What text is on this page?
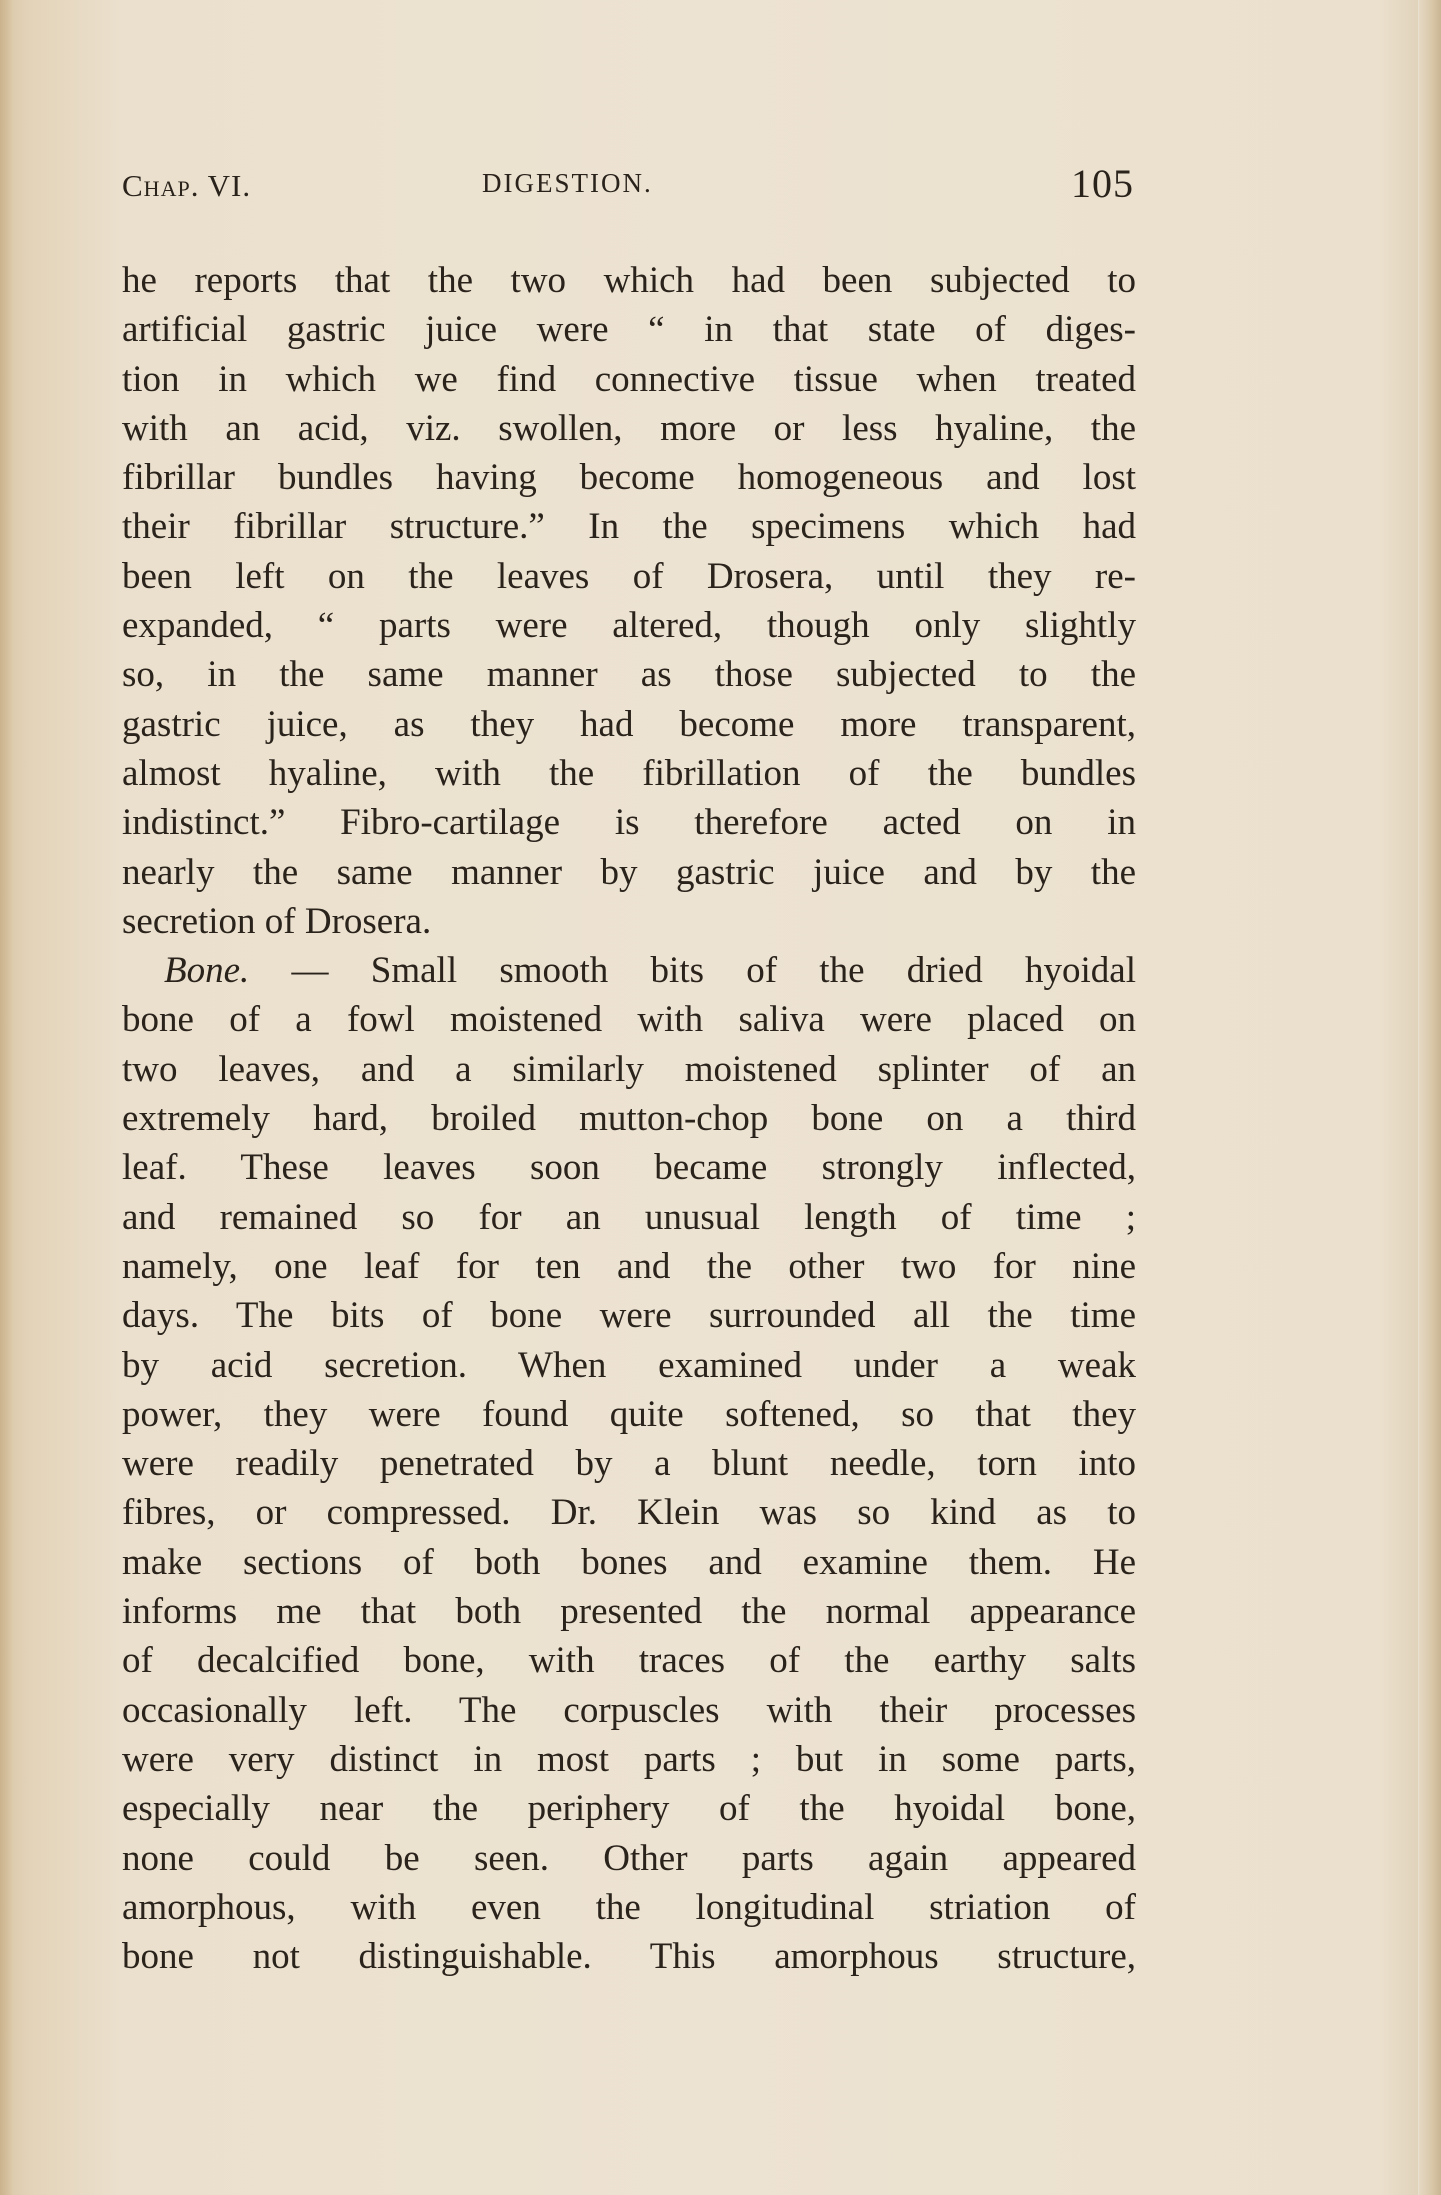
Chap. VI.	DIGESTION.	105
he reports that the two which had been subjected to
artificial gastric juice were “ in that state of diges-
tion in which we find connective tissue when treated
with an acid, viz. swollen, more or less hyaline, the
fibrillar bundles having become homogeneous and lost
their fibrillar structure.” In the specimens which had
been left on the leaves of Drosera, until they re-
expanded, “ parts were altered, though only slightly
so, in the same manner as those subjected to the
gastric juice, as they had become more transparent,
almost hyaline, with the fibrillation of the bundles
indistinct.” Fibro-cartilage is therefore acted on in
nearly the same manner by gastric juice and by the
secretion of Drosera.
Bone. — Small smooth bits of the dried hyoidal
bone of a fowl moistened with saliva were placed on
two leaves, and a similarly moistened splinter of an
extremely hard, broiled mutton-chop bone on a third
leaf. These leaves soon became strongly inflected,
and remained so for an unusual length of time ;
namely, one leaf for ten and the other two for nine
days. The bits of bone were surrounded all the time
by acid secretion. When examined under a weak
power, they were found quite softened, so that they
were readily penetrated by a blunt needle, torn into
fibres, or compressed. Dr. Klein was so kind as to
make sections of both bones and examine them. He
informs me that both presented the normal appearance
of decalcified bone, with traces of the earthy salts
occasionally left. The corpuscles with their processes
were very distinct in most parts ; but in some parts,
especially near the periphery of the hyoidal bone,
none could be seen. Other parts again appeared
amorphous, with even the longitudinal striation of
bone not distinguishable. This amorphous structure,
